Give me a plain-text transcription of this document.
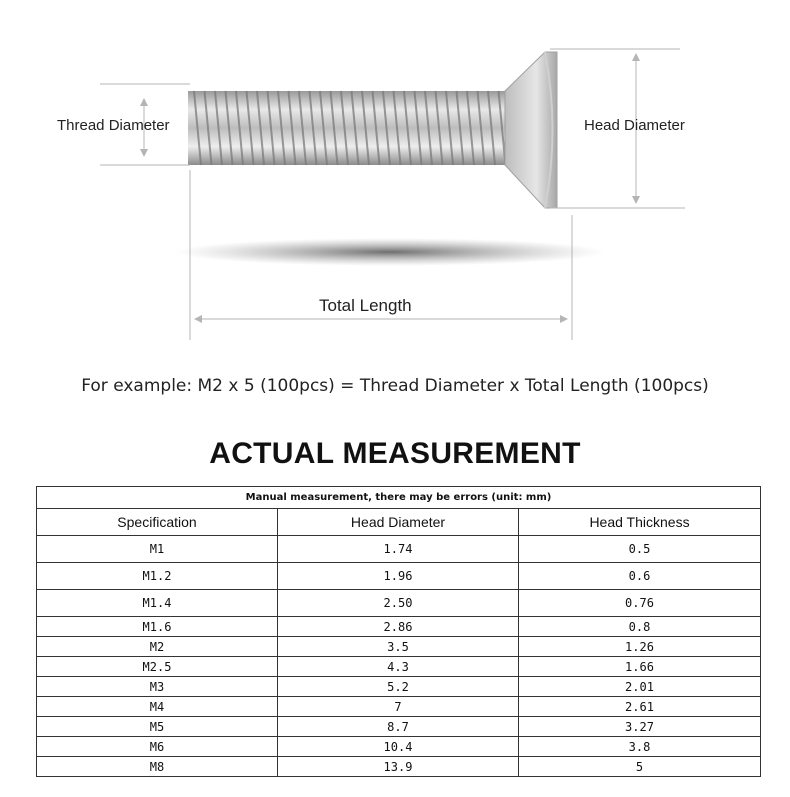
Thread Diameter	Head Diameter
Total Length
For example: M2 x 5 (100pcs) = Thread Diameter x Total Length (100pcs)
ACTUAL MEASUREMENT
Manual measurement, there may be errors (unit: mm)		
Specification	Head Diameter	Head Thickness
M1	1.74	0.5
M1.2	1.96	0.6
M1.4	2.50	0.76
M1.6	2.86	0.8
M2	3.5	1.26
M2.5	4.3	1.66
M3	5.2	2.01
M4	7	2.61
M5	8.7	3.27
M6	10.4	3.8
M8	13.9	5
